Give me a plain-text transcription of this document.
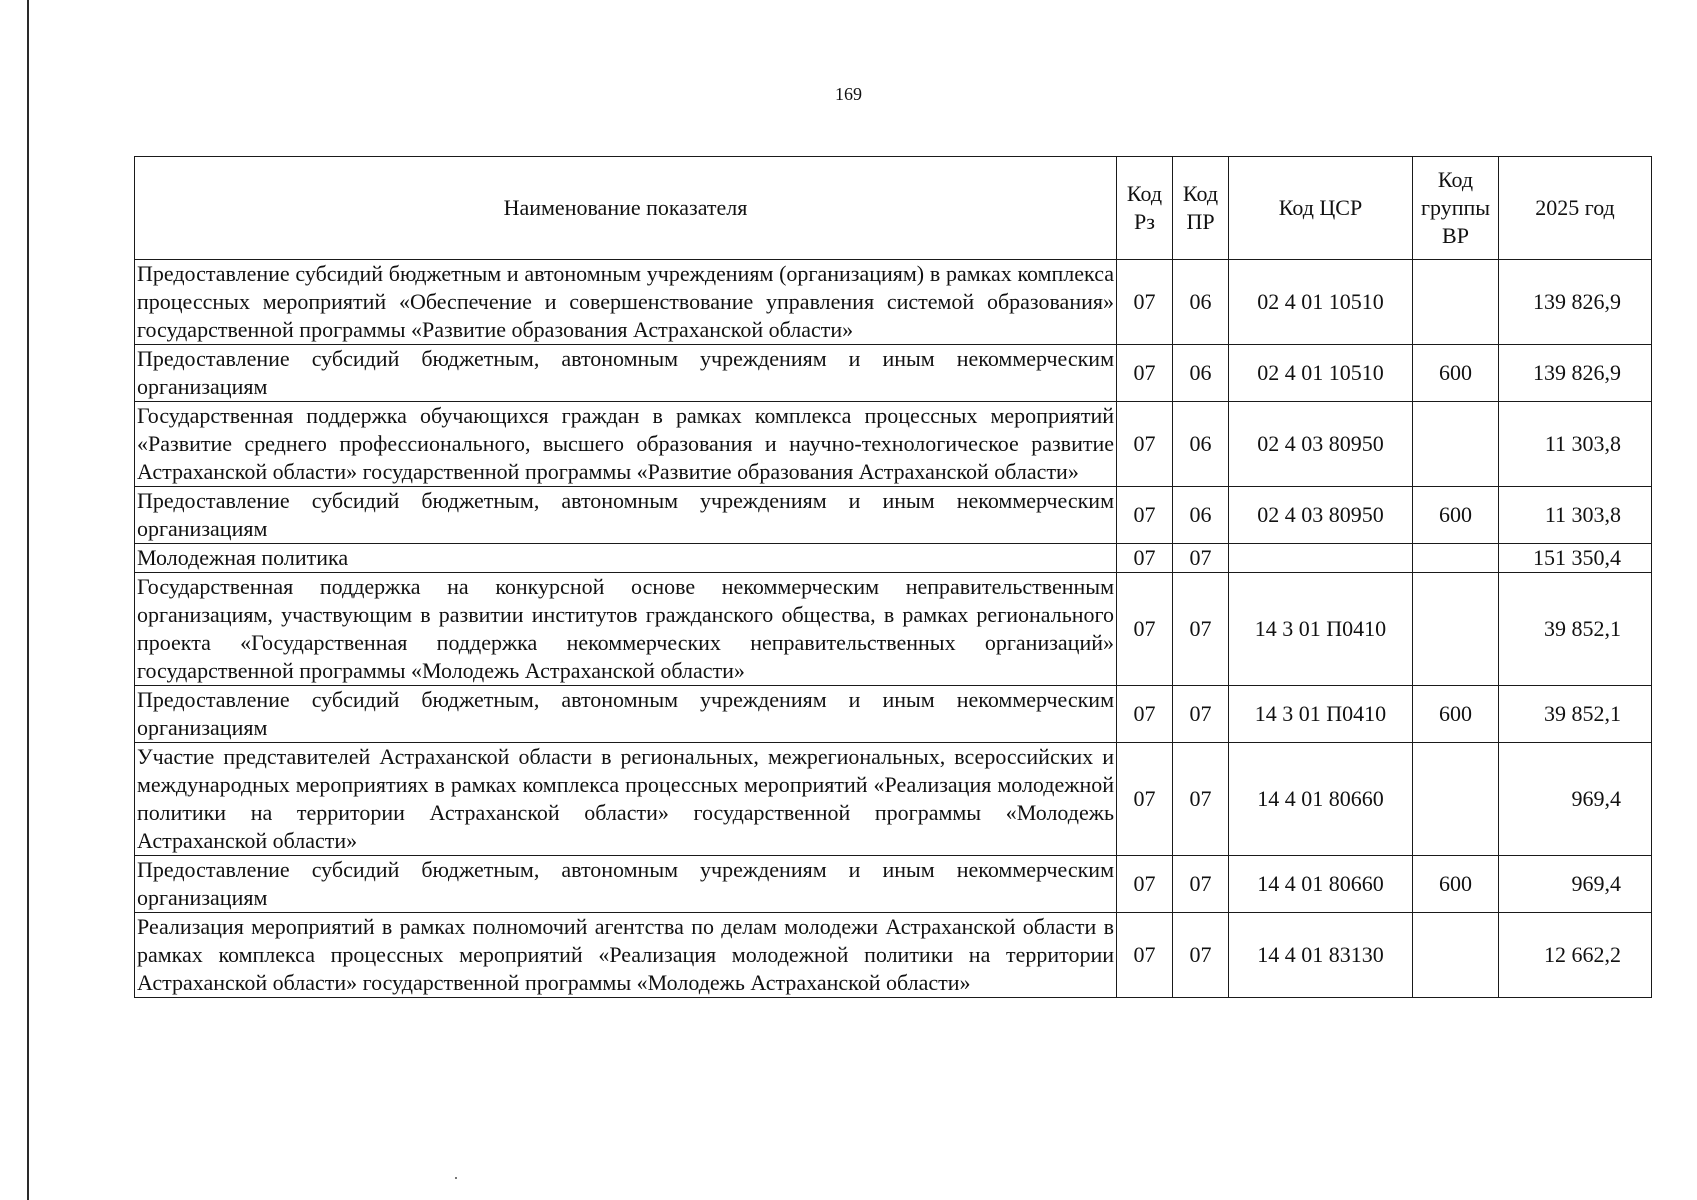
169
Наименование показателя	Код Рз	Код ПР	Код ЦСР	Код группы ВР	2025 год
Предоставление субсидий бюджетным и автономным учреждениям (организациям) в рамках комплекса процессных мероприятий «Обеспечение и совершенствование управления системой образования» государственной программы «Развитие образования Астраханской области»	07	06	02 4 01 10510		139 826,9
Предоставление субсидий бюджетным, автономным учреждениям и иным некоммерческим организациям	07	06	02 4 01 10510	600	139 826,9
Государственная поддержка обучающихся граждан в рамках комплекса процессных мероприятий «Развитие среднего профессионального, высшего образования и научно-технологическое развитие Астраханской области» государственной программы «Развитие образования Астраханской области»	07	06	02 4 03 80950		11 303,8
Предоставление субсидий бюджетным, автономным учреждениям и иным некоммерческим организациям	07	06	02 4 03 80950	600	11 303,8
Молодежная политика	07	07			151 350,4
Государственная поддержка на конкурсной основе некоммерческим неправительственным организациям, участвующим в развитии институтов гражданского общества, в рамках регионального проекта «Государственная поддержка некоммерческих неправительственных организаций» государственной программы «Молодежь Астраханской области»	07	07	14 3 01 П0410		39 852,1
Предоставление субсидий бюджетным, автономным учреждениям и иным некоммерческим организациям	07	07	14 3 01 П0410	600	39 852,1
Участие представителей Астраханской области в региональных, межрегиональных, всероссийских и международных мероприятиях в рамках комплекса процессных мероприятий «Реализация молодежной политики на территории Астраханской области» государственной программы «Молодежь Астраханской области»	07	07	14 4 01 80660		969,4
Предоставление субсидий бюджетным, автономным учреждениям и иным некоммерческим организациям	07	07	14 4 01 80660	600	969,4
Реализация мероприятий в рамках полномочий агентства по делам молодежи Астраханской области в рамках комплекса процессных мероприятий «Реализация молодежной политики на территории Астраханской области» государственной программы «Молодежь Астраханской области»	07	07	14 4 01 83130		12 662,2
